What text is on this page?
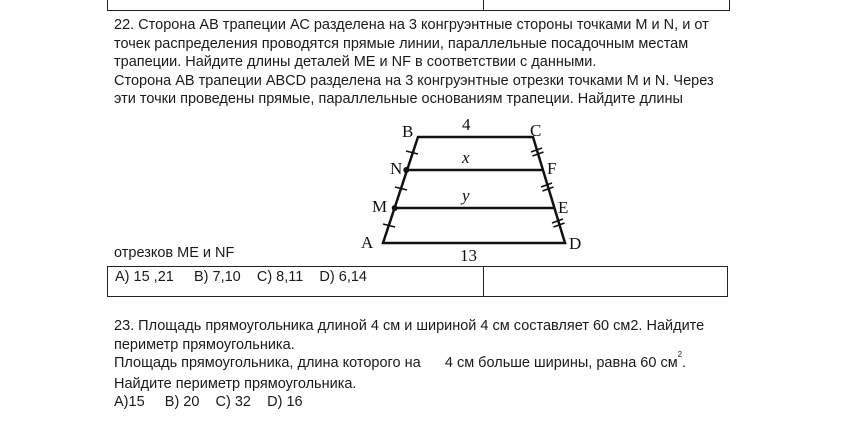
22. Сторона АВ трапеции АС разделена на 3 конгруэнтные стороны точками M и N, и от

точек распределения проводятся прямые линии, параллельные посадочным местам

трапеции. Найдите длины деталей ME и NF в соответствии с данными.

Сторона АВ трапеции ABCD разделена на 3 конгруэнтные отрезки точками M и N. Через

эти точки проведены прямые, параллельные основаниям трапеции. Найдите длины

B	4	C
N
x
F
M
y
E
A
13
D
отрезков ME и NF
A) 15 ,21     B) 7,10    C) 8,11    D) 6,14

23. Площадь прямоугольника длиной 4 см и шириной 4 см составляет 60 см2. Найдите

периметр прямоугольника.

Площадь прямоугольника, длина которого на      4 см больше ширины, равна 60 $см^2$.

Найдите периметр прямоугольника.

A)15     B) 20    C) 32    D) 16
